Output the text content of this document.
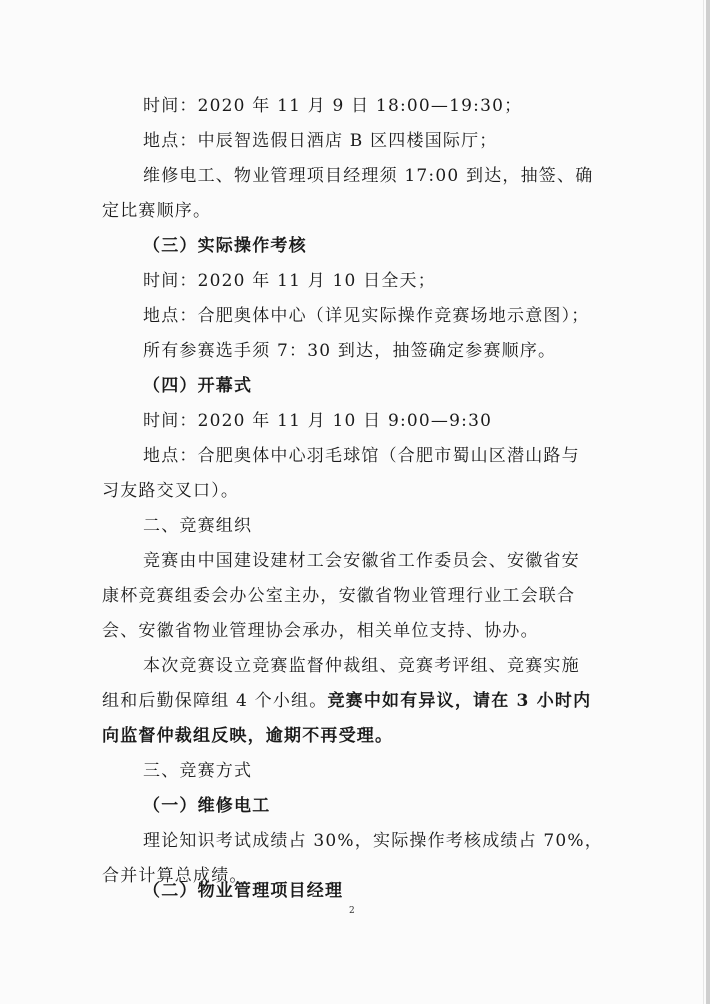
时间：2020 年 11 月 9 日 18:00—19:30；
地点：中辰智选假日酒店 B 区四楼国际厅；
维修电工、物业管理项目经理须 17:00 到达，抽签、确
定比赛顺序。
（三）实际操作考核
时间：2020 年 11 月 10 日全天；
地点：合肥奥体中心（详见实际操作竞赛场地示意图）；
所有参赛选手须 7：30 到达，抽签确定参赛顺序。
（四）开幕式
时间：2020 年 11 月 10 日 9:00—9:30
地点：合肥奥体中心羽毛球馆（合肥市蜀山区潜山路与
习友路交叉口）。
二、竞赛组织
竞赛由中国建设建材工会安徽省工作委员会、安徽省安
康杯竞赛组委会办公室主办，安徽省物业管理行业工会联合
会、安徽省物业管理协会承办，相关单位支持、协办。
本次竞赛设立竞赛监督仲裁组、竞赛考评组、竞赛实施
组和后勤保障组 4 个小组。竞赛中如有异议，请在 3 小时内
向监督仲裁组反映，逾期不再受理。
三、竞赛方式
（一）维修电工
理论知识考试成绩占 30%，实际操作考核成绩占 70%，
合并计算总成绩。
（二）物业管理项目经理
2
